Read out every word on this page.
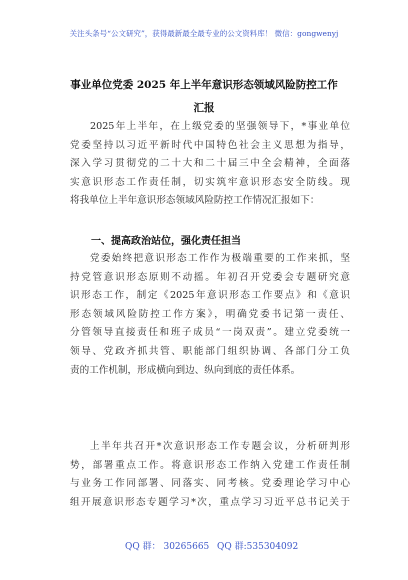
关注头条号“公文研究”，获得最新最全最专业的公文资料库！ 微信：gongwenyj
事业单位党委 2025 年上半年意识形态领域风险防控工作
汇报
2025年上半年，在上级党委的坚强领导下，*事业单位
党委坚持以习近平新时代中国特色社会主义思想为指导，
深入学习贯彻党的二十大和二十届三中全会精神，全面落
实意识形态工作责任制，切实筑牢意识形态安全防线。现
将我单位上半年意识形态领域风险防控工作情况汇报如下：
一、提高政治站位，强化责任担当
党委始终把意识形态工作作为极端重要的工作来抓，坚
持党管意识形态原则不动摇。年初召开党委会专题研究意
识形态工作，制定《2025年意识形态工作要点》和《意识
形态领域风险防控工作方案》，明确党委书记第一责任、
分管领导直接责任和班子成员“一岗双责”。建立党委统一
领导、党政齐抓共管、职能部门组织协调、各部门分工负
责的工作机制，形成横向到边、纵向到底的责任体系。
上半年共召开*次意识形态工作专题会议，分析研判形
势，部署重点工作。将意识形态工作纳入党建工作责任制
与业务工作同部署、同落实、同考核。党委理论学习中心
组开展意识形态专题学习*次，重点学习习近平总书记关于
QQ 群： 30265665 QQ 群:535304092
